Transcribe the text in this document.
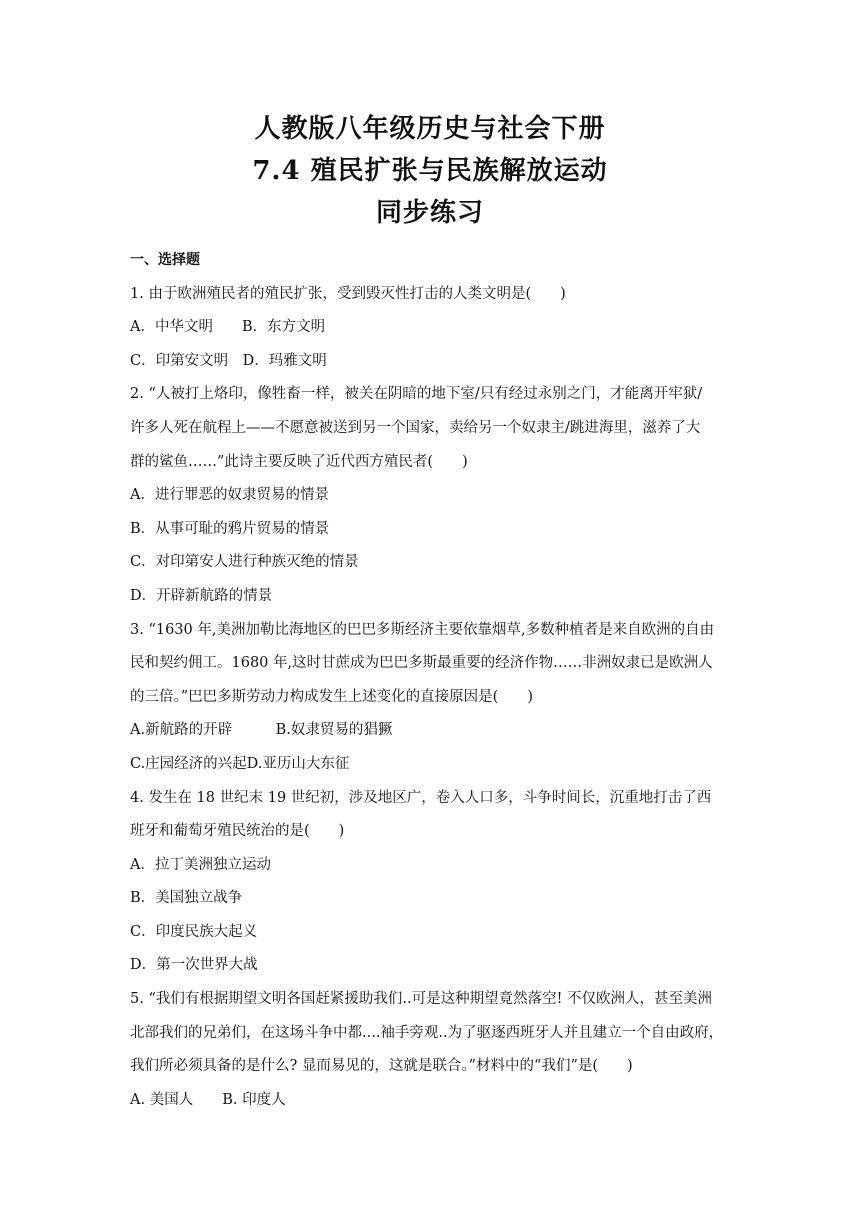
人教版八年级历史与社会下册
7.4 殖民扩张与民族解放运动
同步练习
一、选择题
1. 由于欧洲殖民者的殖民扩张，受到毁灭性打击的人类文明是(　　)
A．中华文明　　B．东方文明
C．印第安文明　D．玛雅文明
2. “人被打上烙印，像牲畜一样，被关在阴暗的地下室/只有经过永别之门，才能离开牢狱/
许多人死在航程上——不愿意被送到另一个国家，卖给另一个奴隶主/跳进海里，滋养了大
群的鲨鱼……”此诗主要反映了近代西方殖民者(　　)
A．进行罪恶的奴隶贸易的情景
B．从事可耻的鸦片贸易的情景
C．对印第安人进行种族灭绝的情景
D．开辟新航路的情景
3. “1630 年,美洲加勒比海地区的巴巴多斯经济主要依靠烟草,多数种植者是来自欧洲的自由
民和契约佣工。1680 年,这时甘蔗成为巴巴多斯最重要的经济作物……非洲奴隶已是欧洲人
的三倍。”巴巴多斯劳动力构成发生上述变化的直接原因是(　　)
A.新航路的开辟　　　B.奴隶贸易的猖獗
C.庄园经济的兴起D.亚历山大东征
4. 发生在 18 世纪末 19 世纪初，涉及地区广，卷入人口多，斗争时间长，沉重地打击了西
班牙和葡萄牙殖民统治的是(　　)
A．拉丁美洲独立运动
B．美国独立战争
C．印度民族大起义
D．第一次世界大战
5. “我们有根据期望文明各国赶紧援助我们..可是这种期望竟然落空! 不仅欧洲人，甚至美洲
北部我们的兄弟们，在这场斗争中都....袖手旁观..为了驱逐西班牙人并且建立一个自由政府，
我们所必须具备的是什么? 显而易见的，这就是联合。”材料中的“我们”是(　　)
A. 美国人　　B. 印度人
